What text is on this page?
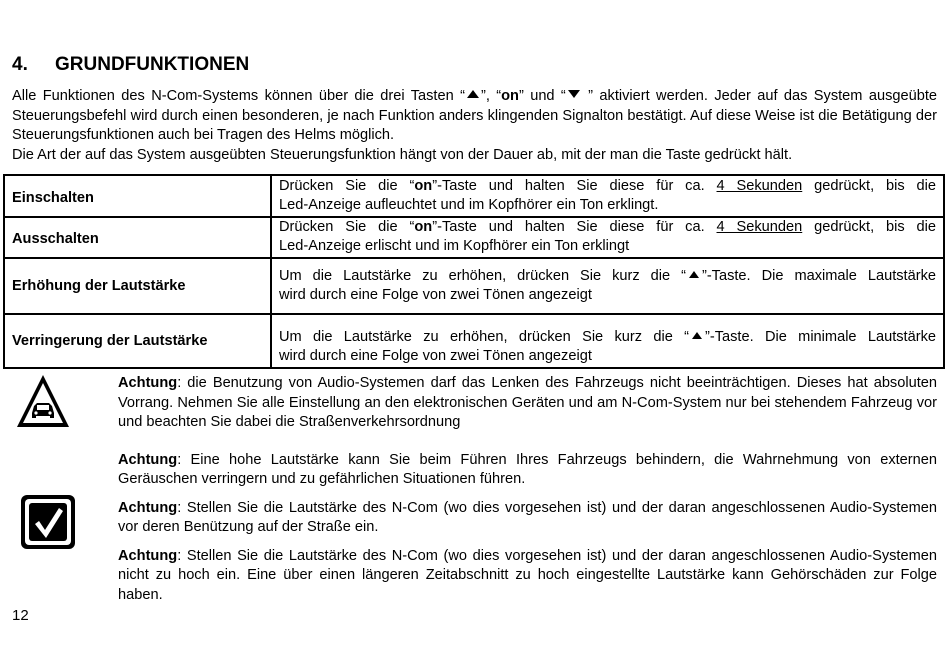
4. GRUNDFUNKTIONEN

Alle Funktionen des N-Com-Systems können über die drei Tasten “ ”, “on” und “ ” aktiviert werden. Jeder auf das System ausgeübte Steuerungsbefehl wird durch einen besonderen, je nach Funktion anders klingenden Signalton bestätigt. Auf diese Weise ist die Betätigung der Steuerungsfunktionen auch bei Tragen des Helms möglich.

Die Art der auf das System ausgeübten Steuerungsfunktion hängt von der Dauer ab, mit der man die Taste gedrückt hält.

Einschalten	Drücken Sie die “on”-Taste und halten Sie diese für ca. 4 Sekunden gedrückt, bis die
Led-Anzeige aufleuchtet und im Kopfhörer ein Ton erklingt.
Ausschalten	Drücken Sie die “on”-Taste und halten Sie diese für ca. 4 Sekunden gedrückt, bis die
Led-Anzeige erlischt und im Kopfhörer ein Ton erklingt
Erhöhung der Lautstärke	Um die Lautstärke zu erhöhen, drücken Sie kurz die “ ”-Taste. Die maximale Lautstärke
wird durch eine Folge von zwei Tönen angezeigt
Verringerung der Lautstärke	Um die Lautstärke zu erhöhen, drücken Sie kurz die “ ”-Taste. Die minimale Lautstärke
wird durch eine Folge von zwei Tönen angezeigt

Achtung: die Benutzung von Audio-Systemen darf das Lenken des Fahrzeugs nicht beeinträchtigen. Dieses hat absoluten Vorrang. Nehmen Sie alle Einstellung an den elektronischen Geräten und am N-Com-System nur bei stehendem Fahrzeug vor und beachten Sie dabei die Straßenverkehrsordnung

Achtung: Eine hohe Lautstärke kann Sie beim Führen Ihres Fahrzeugs behindern, die Wahrnehmung von externen Geräuschen verringern und zu gefährlichen Situationen führen.

Achtung: Stellen Sie die Lautstärke des N-Com (wo dies vorgesehen ist) und der daran angeschlossenen Audio-Systemen vor deren Benützung auf der Straße ein.

Achtung: Stellen Sie die Lautstärke des N-Com (wo dies vorgesehen ist) und der daran angeschlossenen Audio-Systemen nicht zu hoch ein. Eine über einen längeren Zeitabschnitt zu hoch eingestellte Lautstärke kann Gehörschäden zur Folge haben.

12
